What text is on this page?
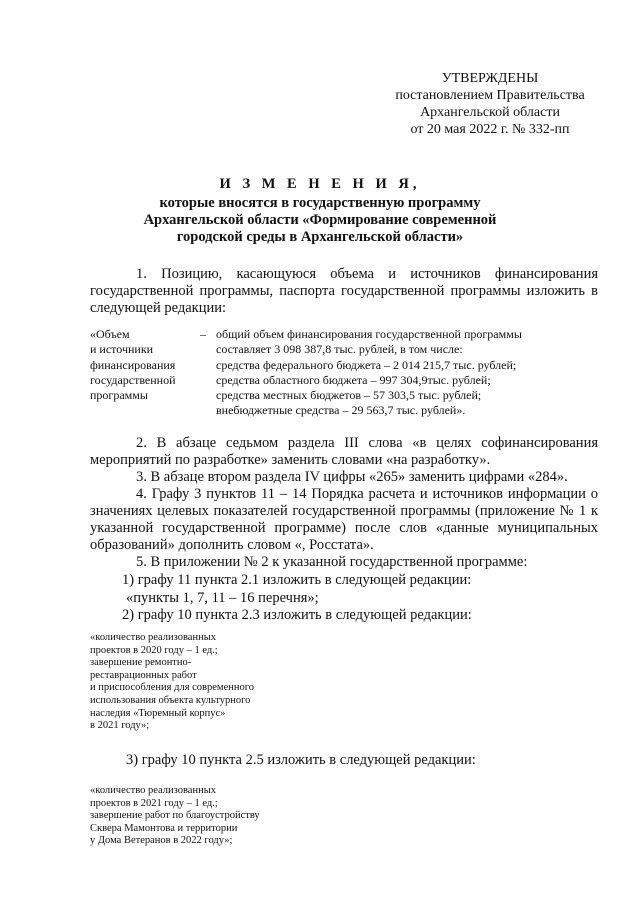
УТВЕРЖДЕНЫ
постановлением Правительства
Архангельской области
от 20 мая 2022 г. № 332-пп
И З М Е Н Е Н И Я,
которые вносятся в государственную программу
Архангельской области «Формирование современной
городской среды в Архангельской области»
1. Позицию, касающуюся объема и источников финансирования государственной программы, паспорта государственной программы изложить в следующей редакции:
«Объем
и источники
финансирования
государственной
программы
– общий объем финансирования государственной программы
составляет 3 098 387,8 тыс. рублей, в том числе:
средства федерального бюджета – 2 014 215,7 тыс. рублей;
средства областного бюджета – 997 304,9тыс. рублей;
средства местных бюджетов – 57 303,5 тыс. рублей;
внебюджетные средства – 29 563,7 тыс. рублей».
2. В абзаце седьмом раздела III слова «в целях софинансирования мероприятий по разработке» заменить словами «на разработку».
3. В абзаце втором раздела IV цифры «265» заменить цифрами «284».
4. Графу 3 пунктов 11 – 14 Порядка расчета и источников информации о значениях целевых показателей государственной программы (приложение № 1 к указанной государственной программе) после слов «данные муниципальных образований» дополнить словом «, Росстата».
5. В приложении № 2 к указанной государственной программе:
1) графу 11 пункта 2.1 изложить в следующей редакции:
«пункты 1, 7, 11 – 16 перечня»;
2) графу 10 пункта 2.3 изложить в следующей редакции:
«количество реализованных
проектов в 2020 году – 1 ед.;
завершение ремонтно-
реставрационных работ
и приспособления для современного
использования объекта культурного
наследия «Тюремный корпус»
в 2021 году»;
3) графу 10 пункта 2.5 изложить в следующей редакции:
«количество реализованных
проектов в 2021 году – 1 ед.;
завершение работ по благоустройству
Сквера Мамонтова и территории
у Дома Ветеранов в 2022 году»;
